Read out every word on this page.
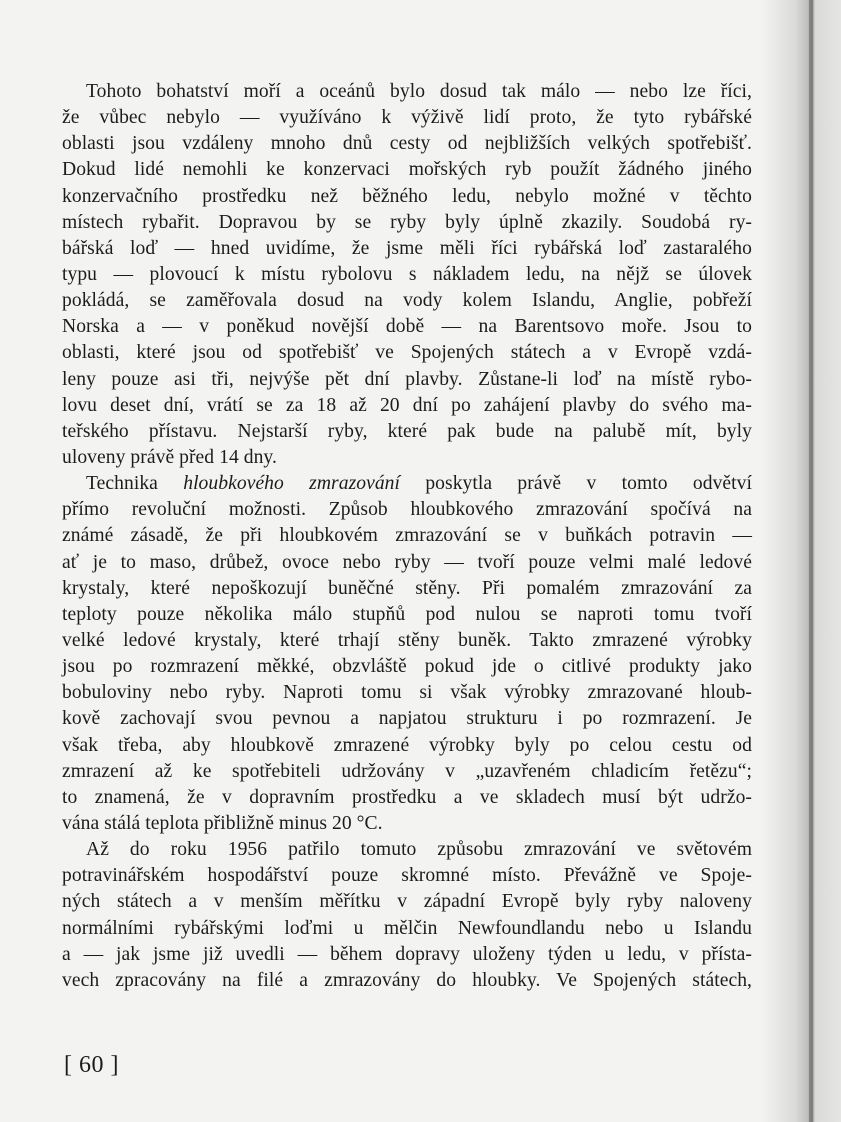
Tohoto bohatství moří a oceánů bylo dosud tak málo — nebo lze říci,
že vůbec nebylo — využíváno k výživě lidí proto, že tyto rybářské
oblasti jsou vzdáleny mnoho dnů cesty od nejbližších velkých spotřebišť.
Dokud lidé nemohli ke konzervaci mořských ryb použít žádného jiného
konzervačního prostředku než běžného ledu, nebylo možné v těchto
místech rybařit. Dopravou by se ryby byly úplně zkazily. Soudobá ry-
bářská loď — hned uvidíme, že jsme měli říci rybářská loď zastaralého
typu — plovoucí k místu rybolovu s nákladem ledu, na nějž se úlovek
pokládá, se zaměřovala dosud na vody kolem Islandu, Anglie, pobřeží
Norska a — v poněkud novější době — na Barentsovo moře. Jsou to
oblasti, které jsou od spotřebišť ve Spojených státech a v Evropě vzdá-
leny pouze asi tři, nejvýše pět dní plavby. Zůstane-li loď na místě rybo-
lovu deset dní, vrátí se za 18 až 20 dní po zahájení plavby do svého ma-
teřského přístavu. Nejstarší ryby, které pak bude na palubě mít, byly
uloveny právě před 14 dny.
Technika hloubkového zmrazování poskytla právě v tomto odvětví
přímo revoluční možnosti. Způsob hloubkového zmrazování spočívá na
známé zásadě, že při hloubkovém zmrazování se v buňkách potravin —
ať je to maso, drůbež, ovoce nebo ryby — tvoří pouze velmi malé ledové
krystaly, které nepoškozují buněčné stěny. Při pomalém zmrazování za
teploty pouze několika málo stupňů pod nulou se naproti tomu tvoří
velké ledové krystaly, které trhají stěny buněk. Takto zmrazené výrobky
jsou po rozmrazení měkké, obzvláště pokud jde o citlivé produkty jako
bobuloviny nebo ryby. Naproti tomu si však výrobky zmrazované hloub-
kově zachovají svou pevnou a napjatou strukturu i po rozmrazení. Je
však třeba, aby hloubkově zmrazené výrobky byly po celou cestu od
zmrazení až ke spotřebiteli udržovány v „uzavřeném chladicím řetězu“;
to znamená, že v dopravním prostředku a ve skladech musí být udržo-
vána stálá teplota přibližně minus 20 °C.
Až do roku 1956 patřilo tomuto způsobu zmrazování ve světovém
potravinářském hospodářství pouze skromné místo. Převážně ve Spoje-
ných státech a v menším měřítku v západní Evropě byly ryby naloveny
normálními rybářskými loďmi u mělčin Newfoundlandu nebo u Islandu
a — jak jsme již uvedli — během dopravy uloženy týden u ledu, v přísta-
vech zpracovány na filé a zmrazovány do hloubky. Ve Spojených státech,
[ 60 ]
